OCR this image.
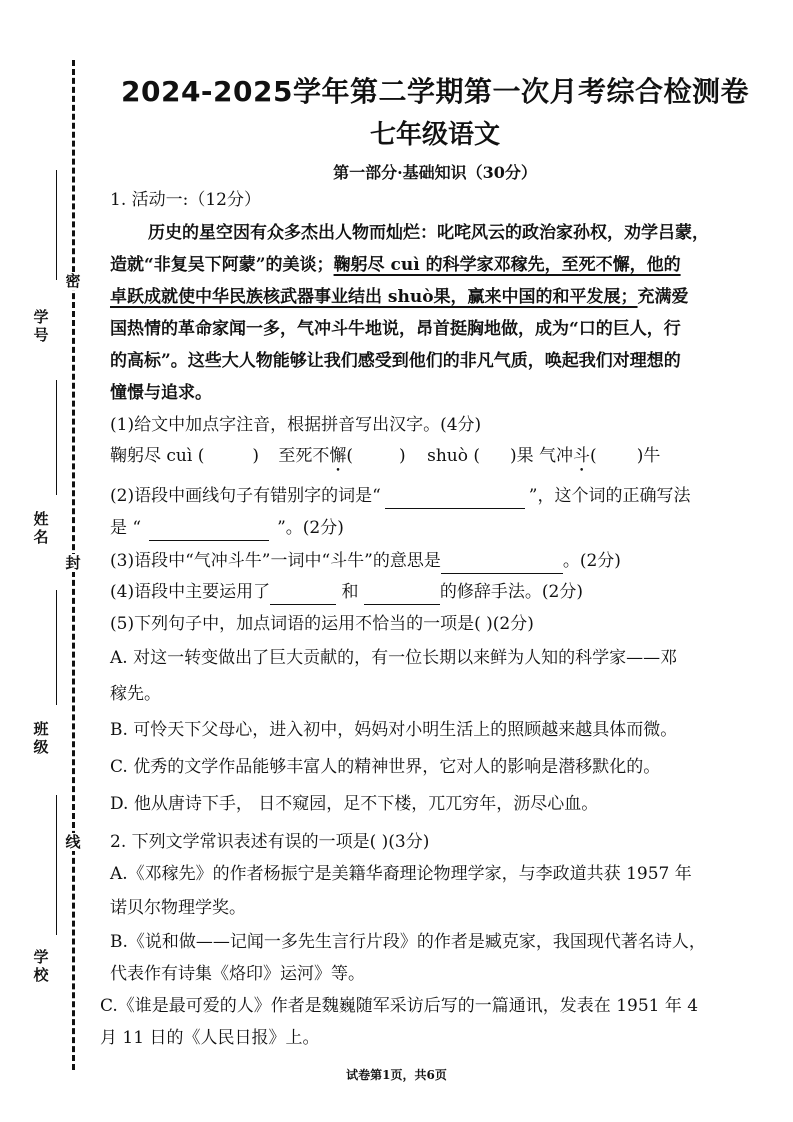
学号
姓名
班级
学校
密
封
线
2024-2025学年第二学期第一次月考综合检测卷
七年级语文
第一部分·基础知识（30分）
1. 活动一:（12分）
历史的星空因有众多杰出人物而灿烂：叱咤风云的政治家孙权，劝学吕蒙，
造就“非复吴下阿蒙”的美谈；鞠躬尽 cuì 的科学家邓稼先，至死不懈，他的
卓跃成就使中华民族核武器事业结出 shuò果，赢来中国的和平发展；充满爱
国热情的革命家闻一多，气冲斗牛地说，昂首挺胸地做，成为“口的巨人，行
的高标”。这些大人物能够让我们感受到他们的非凡气质，唤起我们对理想的
憧憬与追求。
(1)给文中加点字注音，根据拼音写出汉字。(4分)
鞠躬尽 cuì (	) 至死不懈(	) shuò ( )果 气冲斗( )牛
(2)语段中画线句子有错别字的词是“	”，这个词的正确写法
是 “	”。(2分)
(3)语段中“气冲斗牛”一词中“斗牛”的意思是	。(2分)
(4)语段中主要运用了	和	的修辞手法。(2分)
(5)下列句子中，加点词语的运用不恰当的一项是( )(2分)
A. 对这一转变做出了巨大贡献的，有一位长期以来鲜为人知的科学家——邓
稼先。
B. 可怜天下父母心，进入初中，妈妈对小明生活上的照顾越来越具体而微。
C. 优秀的文学作品能够丰富人的精神世界，它对人的影响是潜移默化的。
D. 他从唐诗下手， 日不窥园，足不下楼，兀兀穷年，沥尽心血。
2. 下列文学常识表述有误的一项是( )(3分)
A.《邓稼先》的作者杨振宁是美籍华裔理论物理学家，与李政道共获 1957 年
诺贝尔物理学奖。
B.《说和做——记闻一多先生言行片段》的作者是臧克家，我国现代著名诗人，
代表作有诗集《烙印》运河》等。
C.《谁是最可爱的人》作者是魏巍随军采访后写的一篇通讯，发表在 1951 年 4
月 11 日的《人民日报》上。
试卷第1页，共6页
